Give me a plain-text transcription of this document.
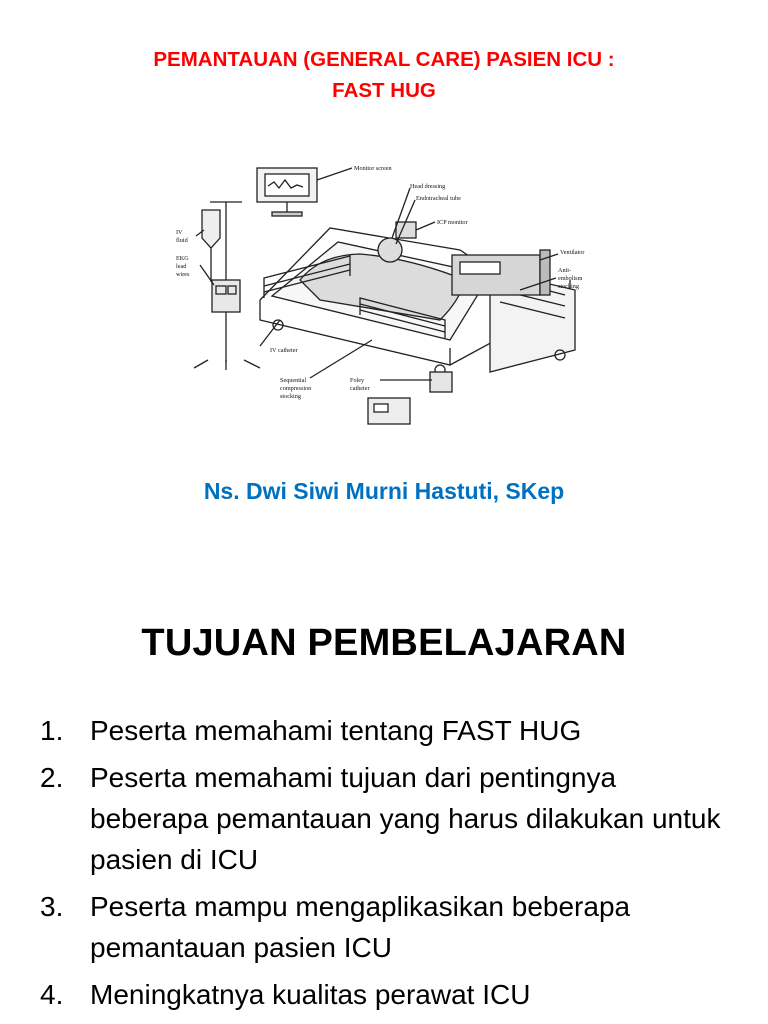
PEMANTAUAN (GENERAL CARE) PASIEN ICU :
FAST HUG
Monitor screen
Head dressing
Endotracheal tube
ICP monitor
Ventilator
Anti-
embolism
stocking
IV
fluid
EKG
lead
wires
IV catheter
Sequential
compression
stocking
Foley
catheter

Ns. Dwi Siwi Murni Hastuti, SKep

TUJUAN PEMBELAJARAN
1. Peserta memahami tentang FAST HUG
2. Peserta memahami tujuan dari pentingnya beberapa pemantauan yang harus dilakukan untuk pasien di ICU
3. Peserta mampu mengaplikasikan beberapa pemantauan pasien ICU
4. Meningkatnya kualitas perawat ICU
